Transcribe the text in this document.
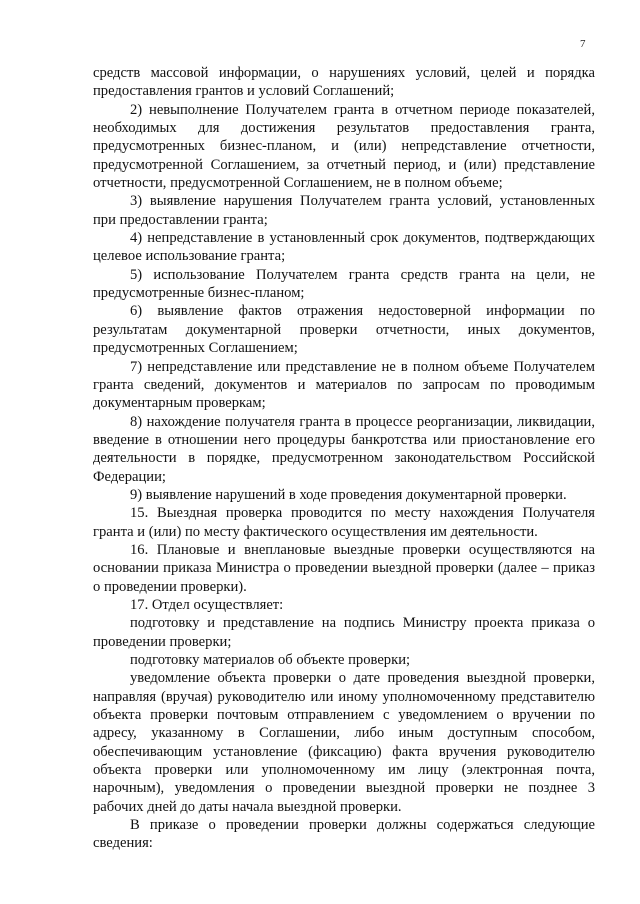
7

средств массовой информации, о нарушениях условий, целей и порядка предоставления грантов и условий Соглашений;

2) невыполнение Получателем гранта в отчетном периоде показателей, необходимых для достижения результатов предоставления гранта, предусмотренных бизнес-планом, и (или) непредставление отчетности, предусмотренной Соглашением, за отчетный период, и (или) представление отчетности, предусмотренной Соглашением, не в полном объеме;

3) выявление нарушения Получателем гранта условий, установленных при предоставлении гранта;

4) непредставление в установленный срок документов, подтверждающих целевое использование гранта;

5) использование Получателем гранта средств гранта на цели, не предусмотренные бизнес-планом;

6) выявление фактов отражения недостоверной информации по результатам документарной проверки отчетности, иных документов, предусмотренных Соглашением;

7) непредставление или представление не в полном объеме Получателем гранта сведений, документов и материалов по запросам по проводимым документарным проверкам;

8) нахождение получателя гранта в процессе реорганизации, ликвидации, введение в отношении него процедуры банкротства или приостановление его деятельности в порядке, предусмотренном законодательством Российской Федерации;

9) выявление нарушений в ходе проведения документарной проверки.

15. Выездная проверка проводится по месту нахождения Получателя гранта и (или) по месту фактического осуществления им деятельности.

16. Плановые и внеплановые выездные проверки осуществляются на основании приказа Министра о проведении выездной проверки (далее – приказ о проведении проверки).

17. Отдел осуществляет:

подготовку и представление на подпись Министру проекта приказа о проведении проверки;

подготовку материалов об объекте проверки;

уведомление объекта проверки о дате проведения выездной проверки, направляя (вручая) руководителю или иному уполномоченному представителю объекта проверки почтовым отправлением с уведомлением о вручении по адресу, указанному в Соглашении, либо иным доступным способом, обеспечивающим установление (фиксацию) факта вручения руководителю объекта проверки или уполномоченному им лицу (электронная почта, нарочным), уведомления о проведении выездной проверки не позднее 3 рабочих дней до даты начала выездной проверки.

В приказе о проведении проверки должны содержаться следующие сведения:
